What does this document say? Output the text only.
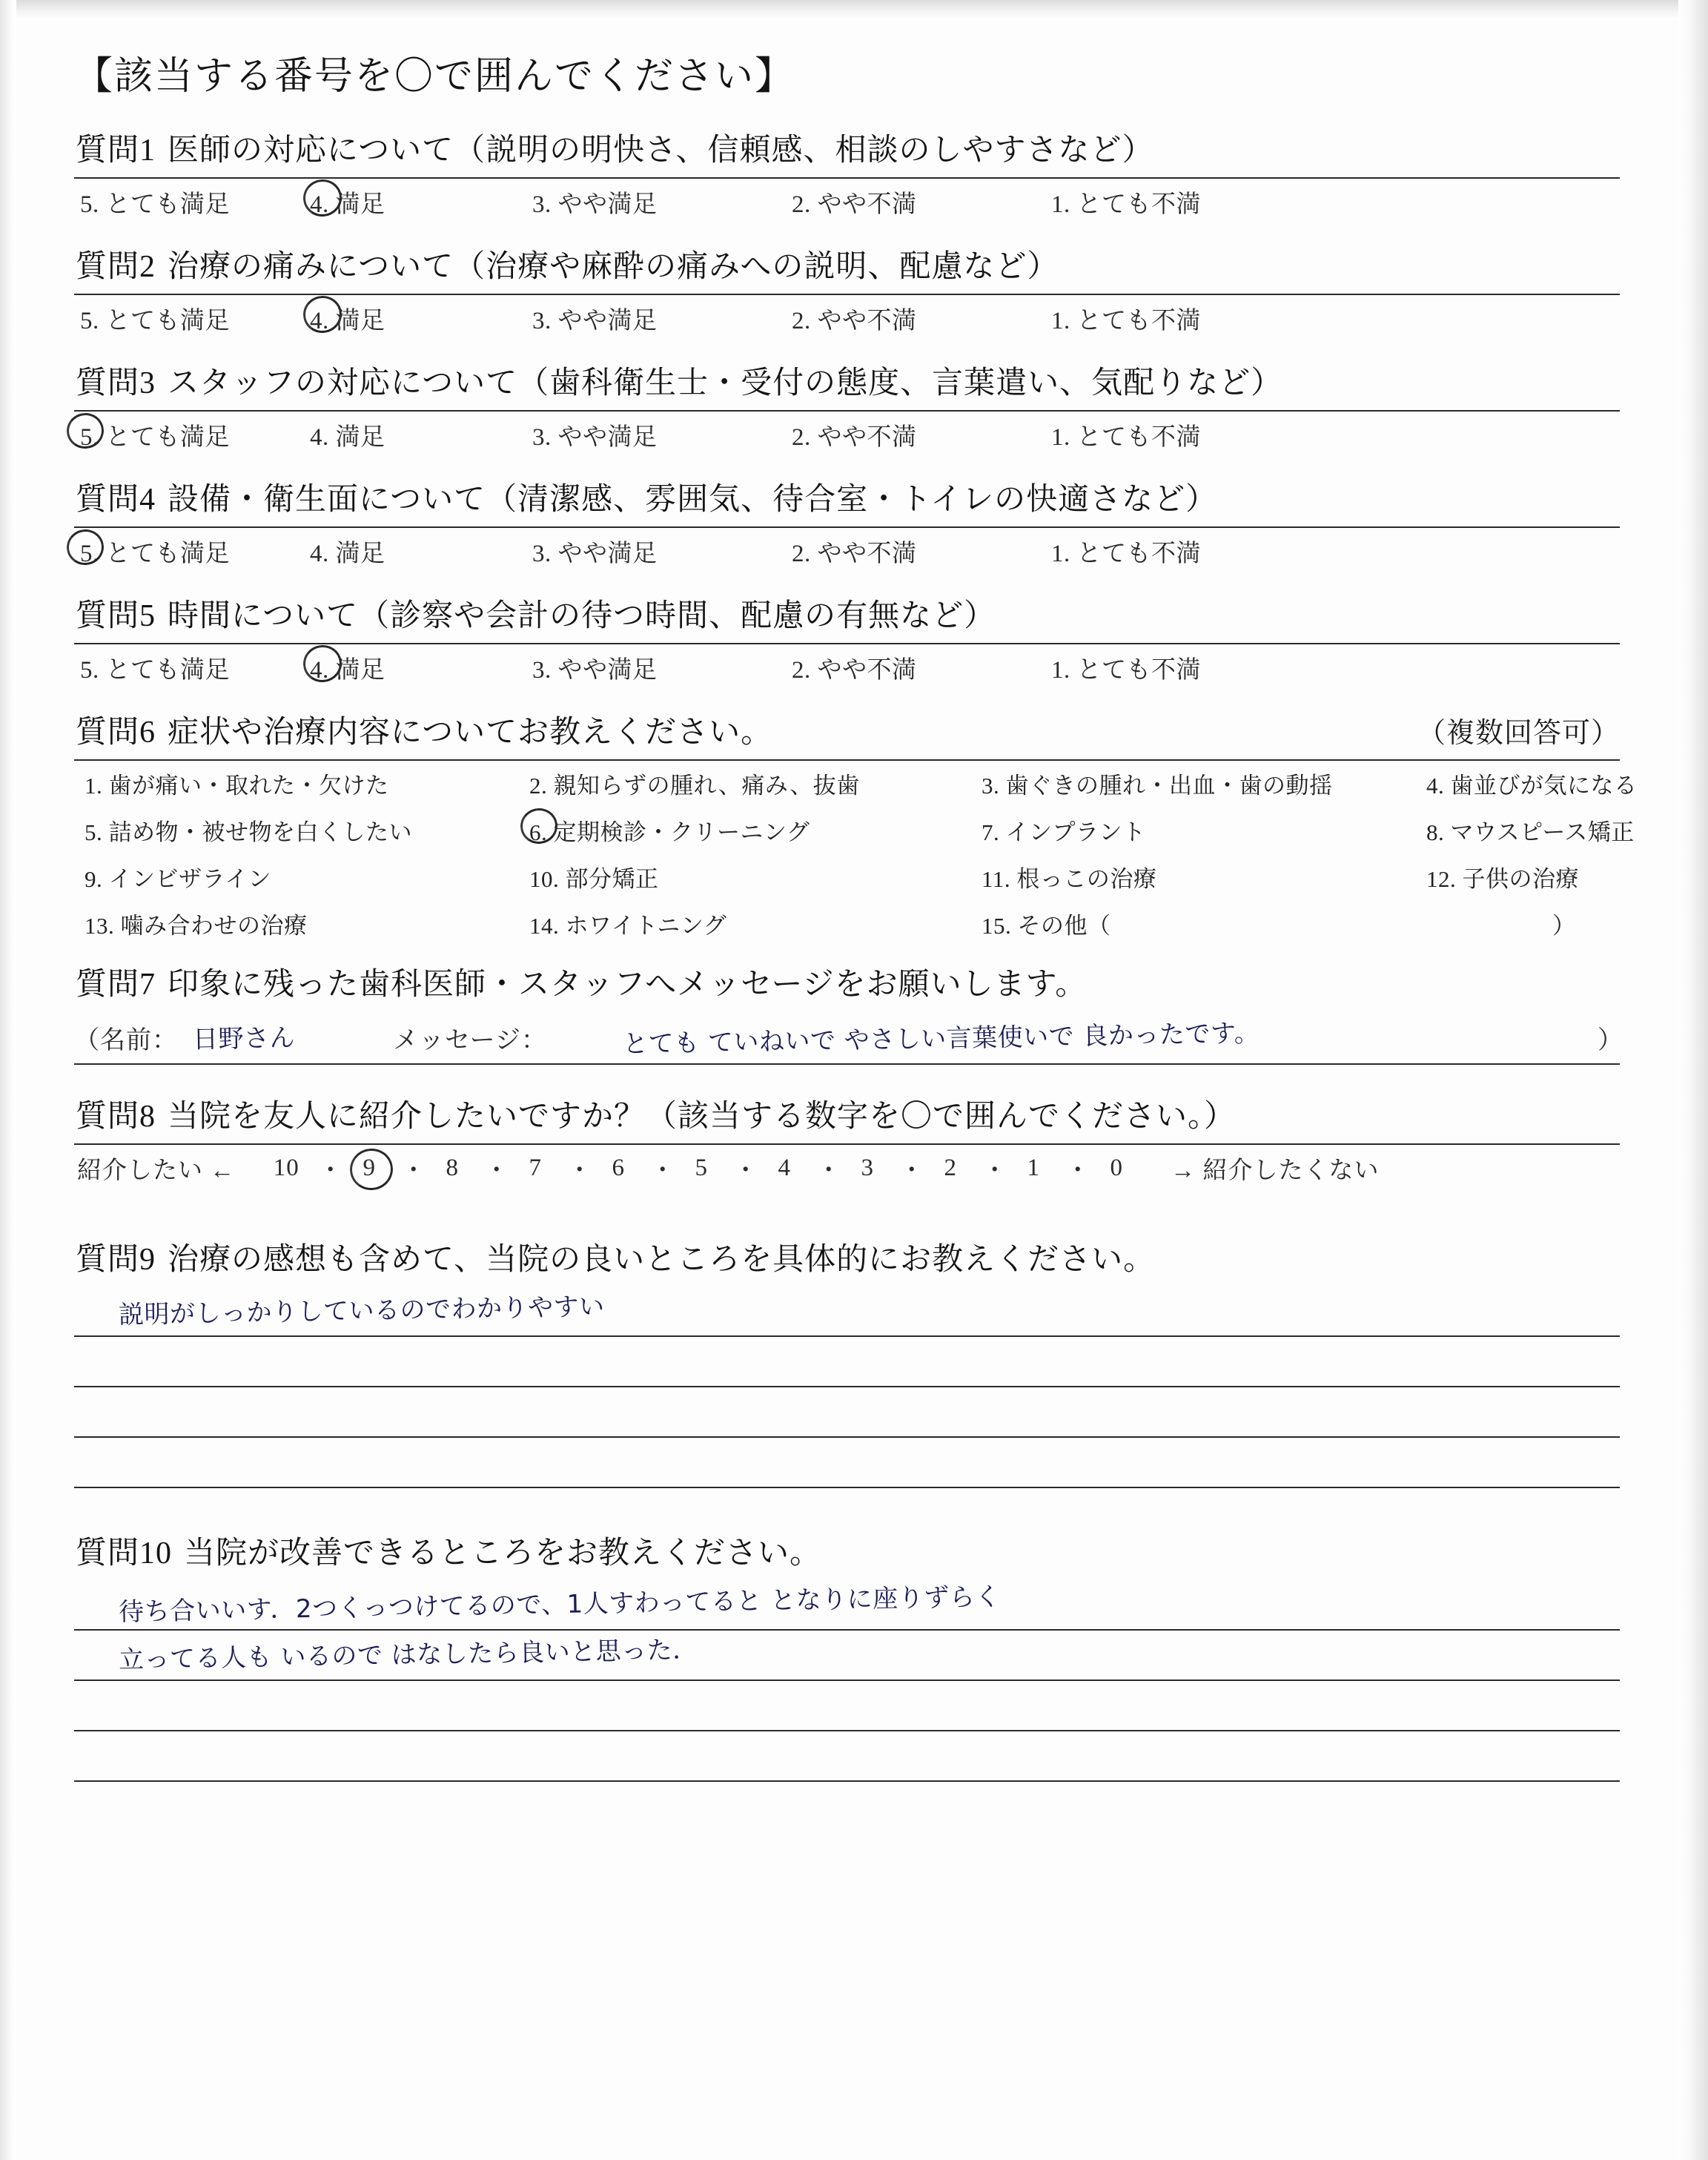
【該当する番号を〇で囲んでください】
質問1 医師の対応について（説明の明快さ、信頼感、相談のしやすさなど）
5. とても満足	4. 満足	3. やや満足	2. やや不満	1. とても不満
質問2 治療の痛みについて（治療や麻酔の痛みへの説明、配慮など）
5. とても満足	4. 満足	3. やや満足	2. やや不満	1. とても不満
質問3 スタッフの対応について（歯科衛生士・受付の態度、言葉遣い、気配りなど）
5. とても満足	4. 満足	3. やや満足	2. やや不満	1. とても不満
質問4 設備・衛生面について（清潔感、雰囲気、待合室・トイレの快適さなど）
5. とても満足	4. 満足	3. やや満足	2. やや不満	1. とても不満
質問5 時間について（診察や会計の待つ時間、配慮の有無など）
5. とても満足	4. 満足	3. やや満足	2. やや不満	1. とても不満
質問6 症状や治療内容についてお教えください。	（複数回答可）
1. 歯が痛い・取れた・欠けた	2. 親知らずの腫れ、痛み、抜歯	3. 歯ぐきの腫れ・出血・歯の動揺	4. 歯並びが気になる
5. 詰め物・被せ物を白くしたい	6. 定期検診・クリーニング	7. インプラント	8. マウスピース矯正
9. インビザライン	10. 部分矯正	11. 根っこの治療	12. 子供の治療
13. 噛み合わせの治療	14. ホワイトニング	15. その他（	）
質問7 印象に残った歯科医師・スタッフへメッセージをお願いします。
（名前： 日野さん	メッセージ：	とても ていねいで やさしい言葉使いで 良かったです。	）
質問8 当院を友人に紹介したいですか？（該当する数字を〇で囲んでください。）
紹介したい ←	10 ・ 9	・ 8	・ 7	・ 6	・ 5	・ 4	・ 3	・ 2	・ 1	・ 0	→ 紹介したくない
質問9 治療の感想も含めて、当院の良いところを具体的にお教えください。
説明がしっかりしているのでわかりやすい
質問10 当院が改善できるところをお教えください。
待ち合いいす．2つくっつけてるので、1人すわってると となりに座りずらく
立ってる人も いるので はなしたら良いと思った．
